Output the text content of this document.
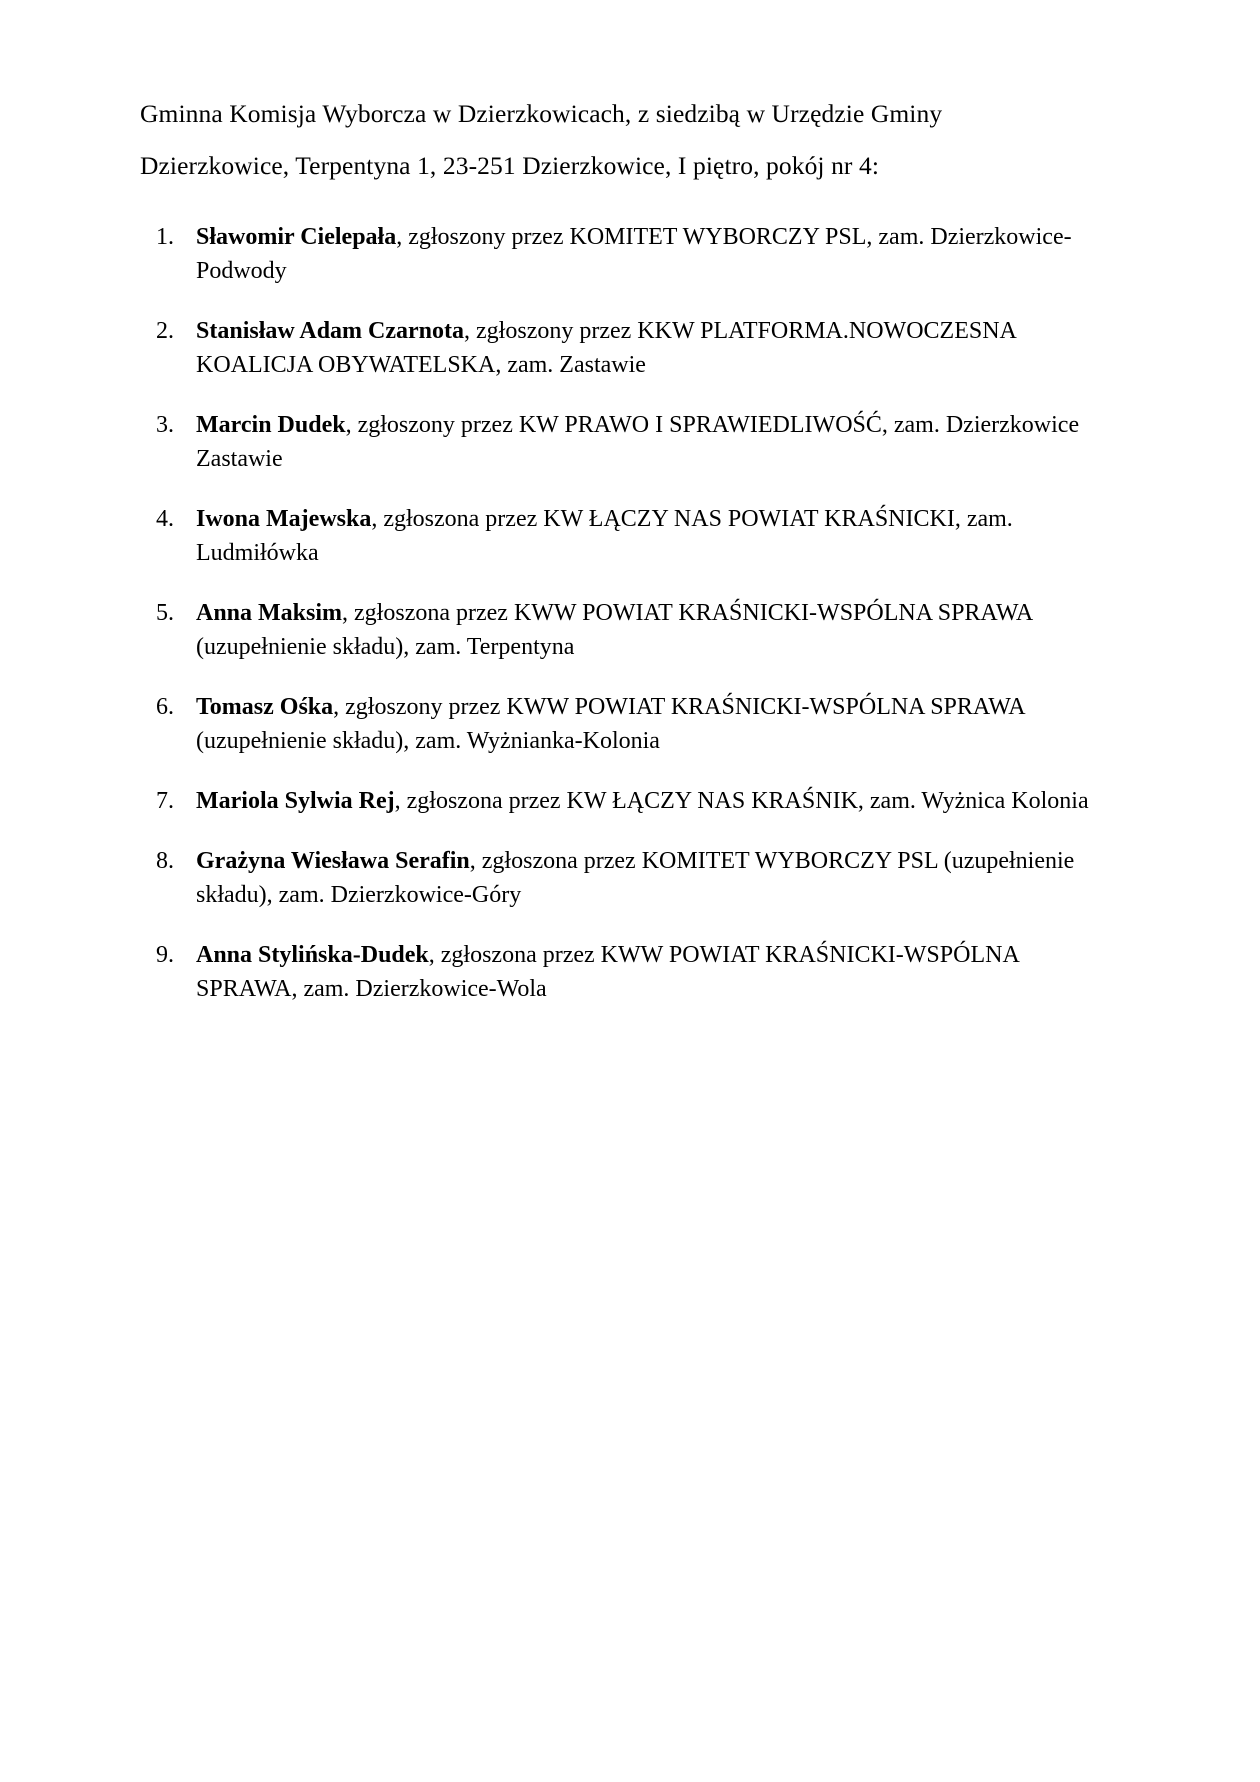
Gminna Komisja Wyborcza w Dzierzkowicach, z siedzibą w Urzędzie Gminy
Dzierzkowice, Terpentyna 1, 23-251 Dzierzkowice, I piętro, pokój nr 4:

1. Sławomir Cielepała, zgłoszony przez KOMITET WYBORCZY PSL, zam. Dzierzkowice-Podwody
2. Stanisław Adam Czarnota, zgłoszony przez KKW PLATFORMA.NOWOCZESNA KOALICJA OBYWATELSKA, zam. Zastawie
3. Marcin Dudek, zgłoszony przez KW PRAWO I SPRAWIEDLIWOŚĆ, zam. Dzierzkowice Zastawie
4. Iwona Majewska, zgłoszona przez KW ŁĄCZY NAS POWIAT KRAŚNICKI, zam. Ludmiłówka
5. Anna Maksim, zgłoszona przez KWW POWIAT KRAŚNICKI-WSPÓLNA SPRAWA (uzupełnienie składu), zam. Terpentyna
6. Tomasz Ośka, zgłoszony przez KWW POWIAT KRAŚNICKI-WSPÓLNA SPRAWA (uzupełnienie składu), zam. Wyżnianka-Kolonia
7. Mariola Sylwia Rej, zgłoszona przez KW ŁĄCZY NAS KRAŚNIK, zam. Wyżnica Kolonia
8. Grażyna Wiesława Serafin, zgłoszona przez KOMITET WYBORCZY PSL (uzupełnienie składu), zam. Dzierzkowice-Góry
9. Anna Stylińska-Dudek, zgłoszona przez KWW POWIAT KRAŚNICKI-WSPÓLNA SPRAWA, zam. Dzierzkowice-Wola
